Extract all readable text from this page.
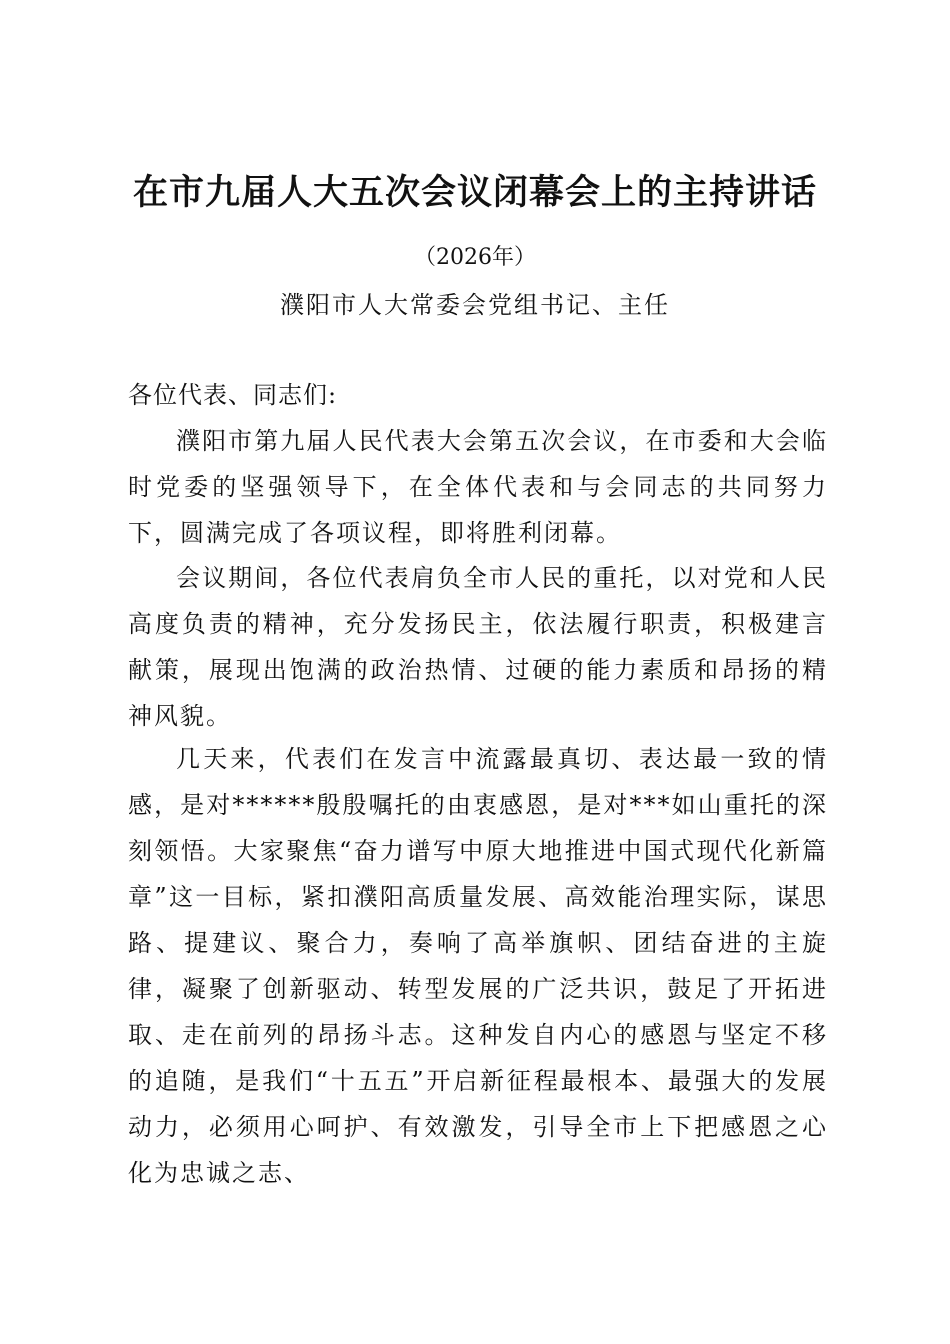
在市九届人大五次会议闭幕会上的主持讲话
（2026年）
濮阳市人大常委会党组书记、主任
各位代表、同志们:

濮阳市第九届人民代表大会第五次会议，在市委和大会临时党委的坚强领导下，在全体代表和与会同志的共同努力下，圆满完成了各项议程，即将胜利闭幕。

会议期间，各位代表肩负全市人民的重托，以对党和人民高度负责的精神，充分发扬民主，依法履行职责，积极建言献策，展现出饱满的政治热情、过硬的能力素质和昂扬的精神风貌。

几天来，代表们在发言中流露最真切、表达最一致的情感，是对******殷殷嘱托的由衷感恩，是对***如山重托的深刻领悟。大家聚焦“奋力谱写中原大地推进中国式现代化新篇章”这一目标，紧扣濮阳高质量发展、高效能治理实际，谋思路、提建议、聚合力，奏响了高举旗帜、团结奋进的主旋律，凝聚了创新驱动、转型发展的广泛共识，鼓足了开拓进取、走在前列的昂扬斗志。这种发自内心的感恩与坚定不移的追随，是我们“十五五”开启新征程最根本、最强大的发展动力，必须用心呵护、有效激发，引导全市上下把感恩之心化为忠诚之志、
